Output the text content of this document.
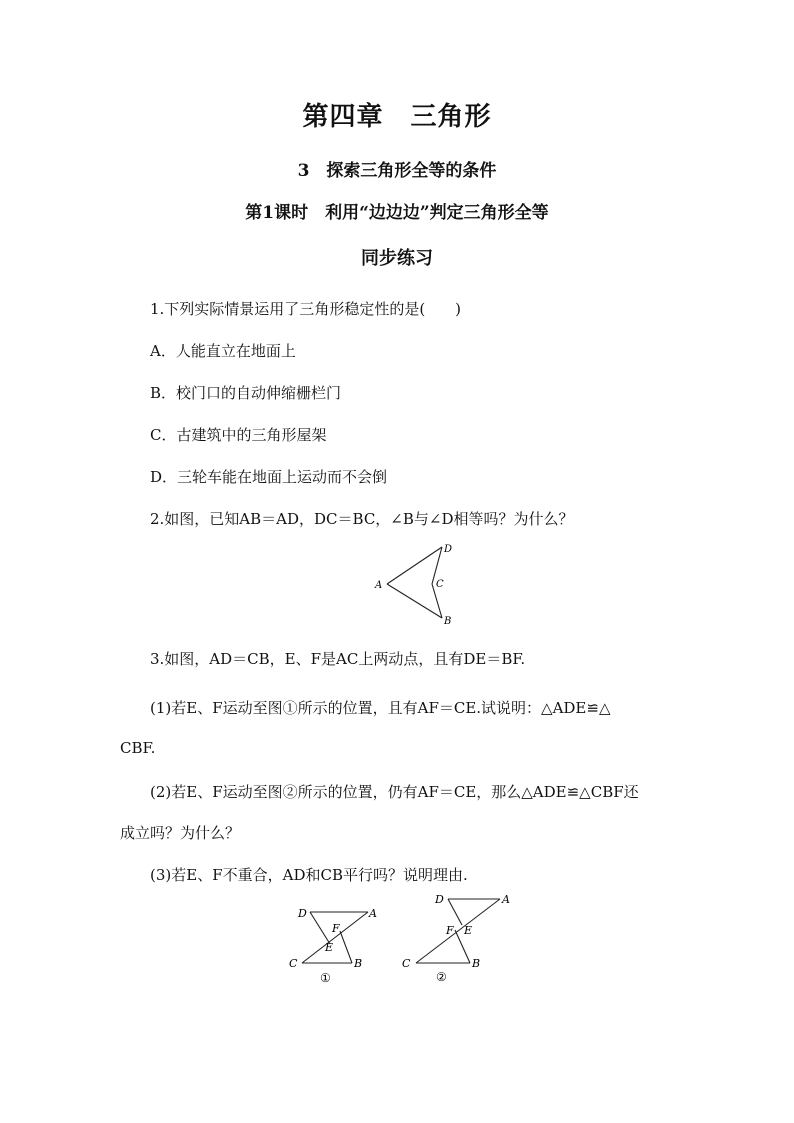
第四章　三角形
3　探索三角形全等的条件
第1课时　利用“边边边”判定三角形全等
同步练习
1.下列实际情景运用了三角形稳定性的是(　　)
A．人能直立在地面上
B．校门口的自动伸缩栅栏门
C．古建筑中的三角形屋架
D．三轮车能在地面上运动而不会倒
2.如图，已知AB＝AD，DC＝BC，∠B与∠D相等吗？为什么？
A
B
C
D
3.如图，AD＝CB，E、F是AC上两动点，且有DE＝BF.
(1)若E、F运动至图①所示的位置，且有AF＝CE.试说明：△ADE≌△
CBF.
(2)若E、F运动至图②所示的位置，仍有AF＝CE，那么△ADE≌△CBF还
成立吗？为什么？
(3)若E、F不重合，AD和CB平行吗？说明理由.
D	A
F
E
C	B
①
D	A
F E
C	B
②
